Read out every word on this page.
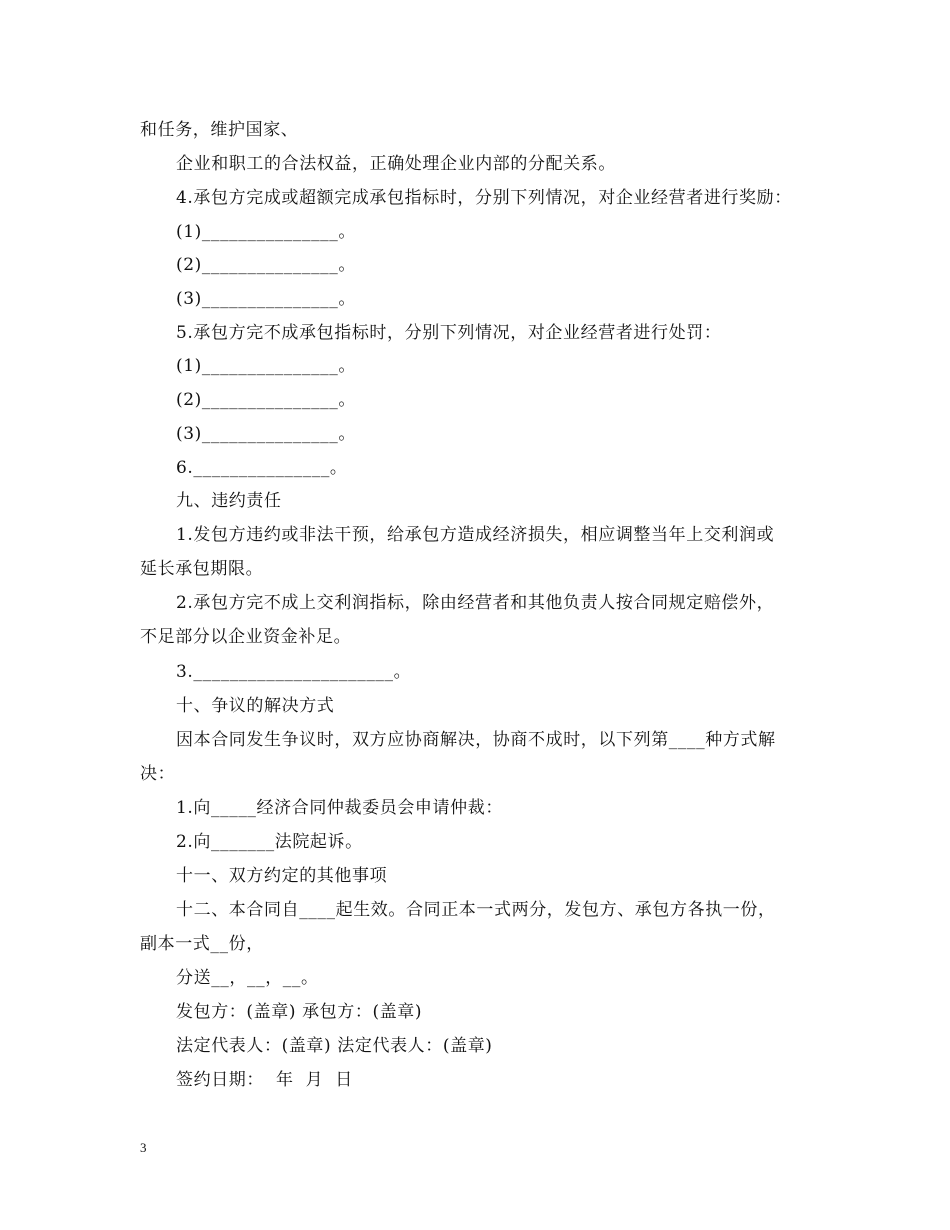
和任务，维护国家、
企业和职工的合法权益，正确处理企业内部的分配关系。
4.承包方完成或超额完成承包指标时，分别下列情况，对企业经营者进行奖励：
(1)_______________。
(2)_______________。
(3)_______________。
5.承包方完不成承包指标时，分别下列情况，对企业经营者进行处罚：
(1)_______________。
(2)_______________。
(3)_______________。
6._______________。
九、违约责任
1.发包方违约或非法干预，给承包方造成经济损失，相应调整当年上交利润或
延长承包期限。
2.承包方完不成上交利润指标，除由经营者和其他负责人按合同规定赔偿外，
不足部分以企业资金补足。
3.______________________。
十、争议的解决方式
因本合同发生争议时，双方应协商解决，协商不成时，以下列第____种方式解
决：
1.向_____经济合同仲裁委员会申请仲裁：
2.向_______法院起诉。
十一、双方约定的其他事项
十二、本合同自____起生效。合同正本一式两分，发包方、承包方各执一份，
副本一式__份，
分送__，__，__。
发包方：(盖章) 承包方：(盖章)
法定代表人：(盖章) 法定代表人：(盖章)
签约日期：  年  月  日
3
